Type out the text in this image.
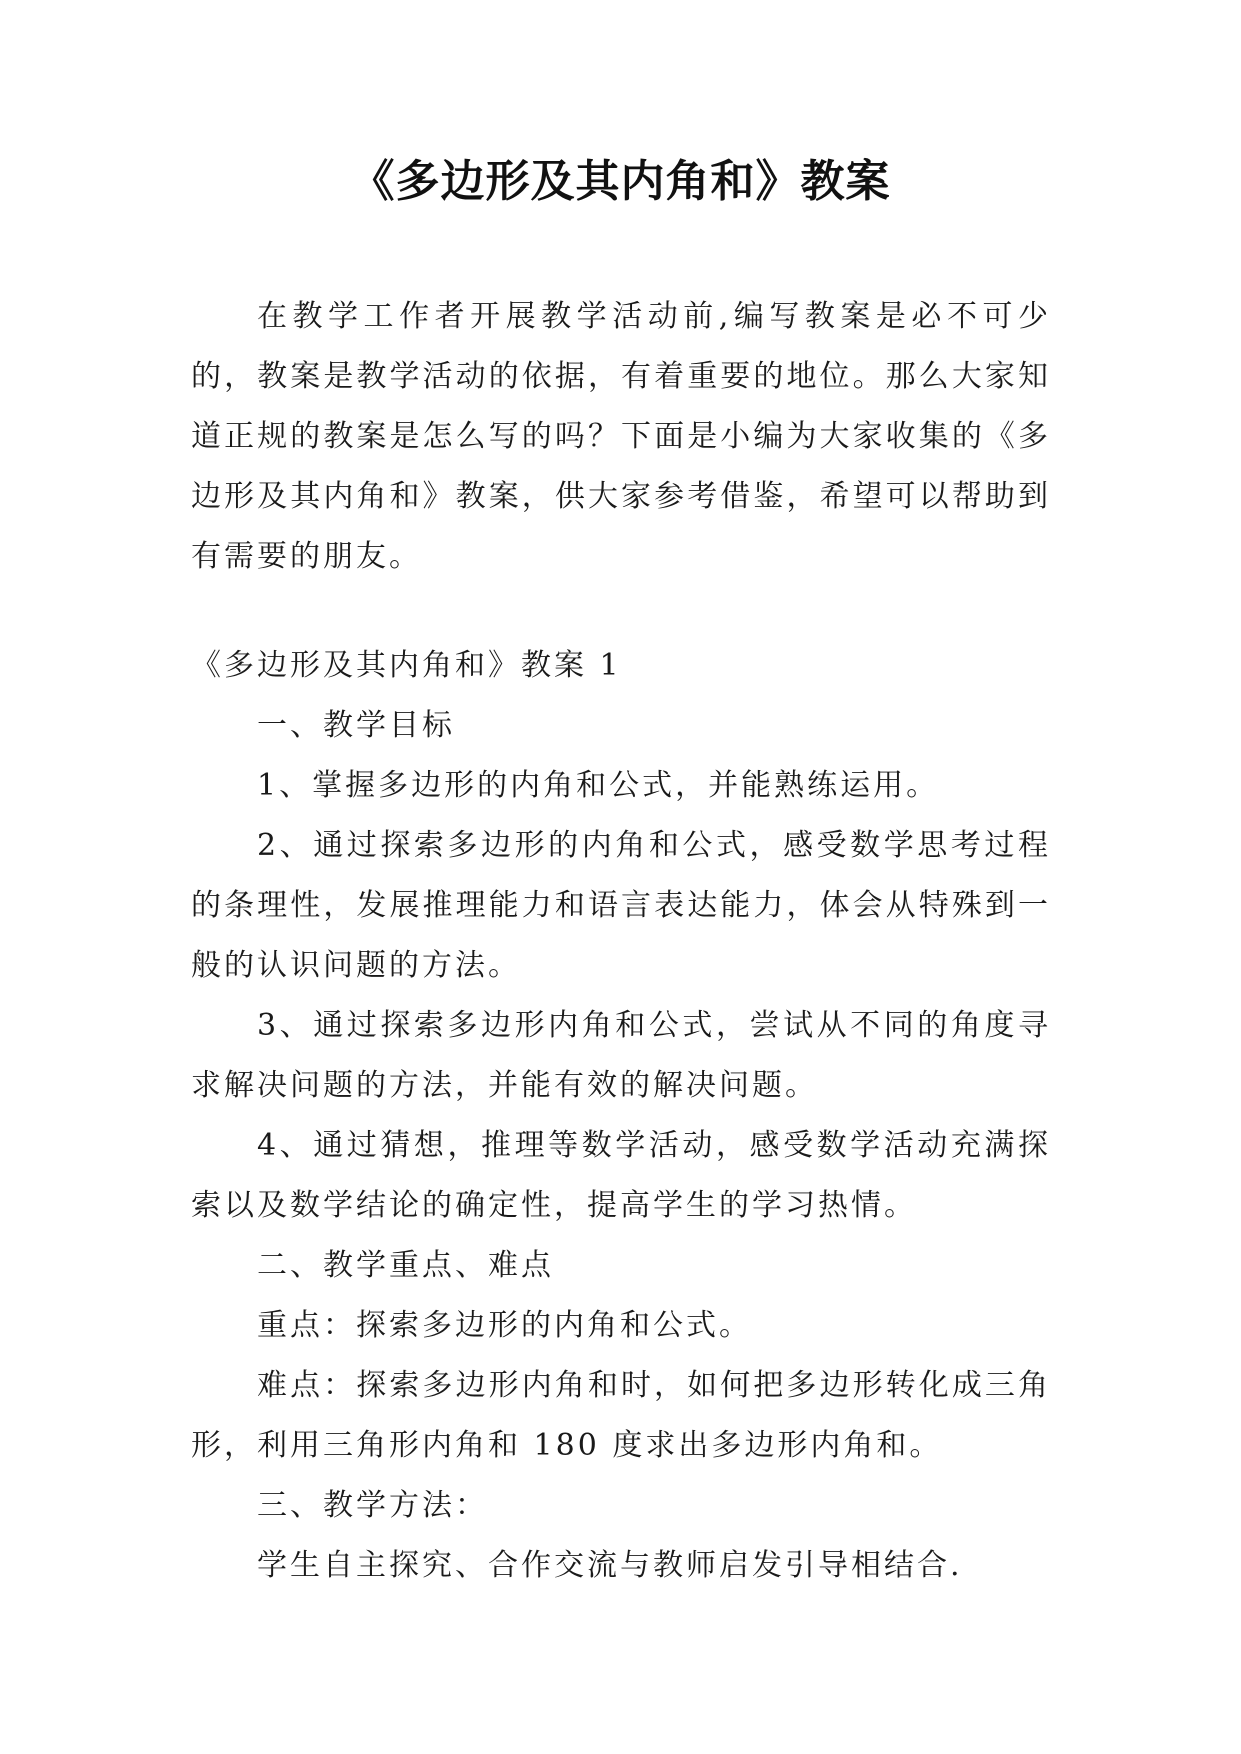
《多边形及其内角和》教案

在教学工作者开展教学活动前,编写教案是必不可少的，教案是教学活动的依据，有着重要的地位。那么大家知道正规的教案是怎么写的吗？下面是小编为大家收集的《多边形及其内角和》教案，供大家参考借鉴，希望可以帮助到有需要的朋友。

《多边形及其内角和》教案 1

一、教学目标

1、掌握多边形的内角和公式，并能熟练运用。

2、通过探索多边形的内角和公式，感受数学思考过程的条理性，发展推理能力和语言表达能力，体会从特殊到一般的认识问题的方法。

3、通过探索多边形内角和公式，尝试从不同的角度寻求解决问题的方法，并能有效的解决问题。

4、通过猜想，推理等数学活动，感受数学活动充满探索以及数学结论的确定性，提高学生的学习热情。

二、教学重点、难点

重点：探索多边形的内角和公式。

难点：探索多边形内角和时，如何把多边形转化成三角形，利用三角形内角和 180 度求出多边形内角和。

三、教学方法：

学生自主探究、合作交流与教师启发引导相结合.
